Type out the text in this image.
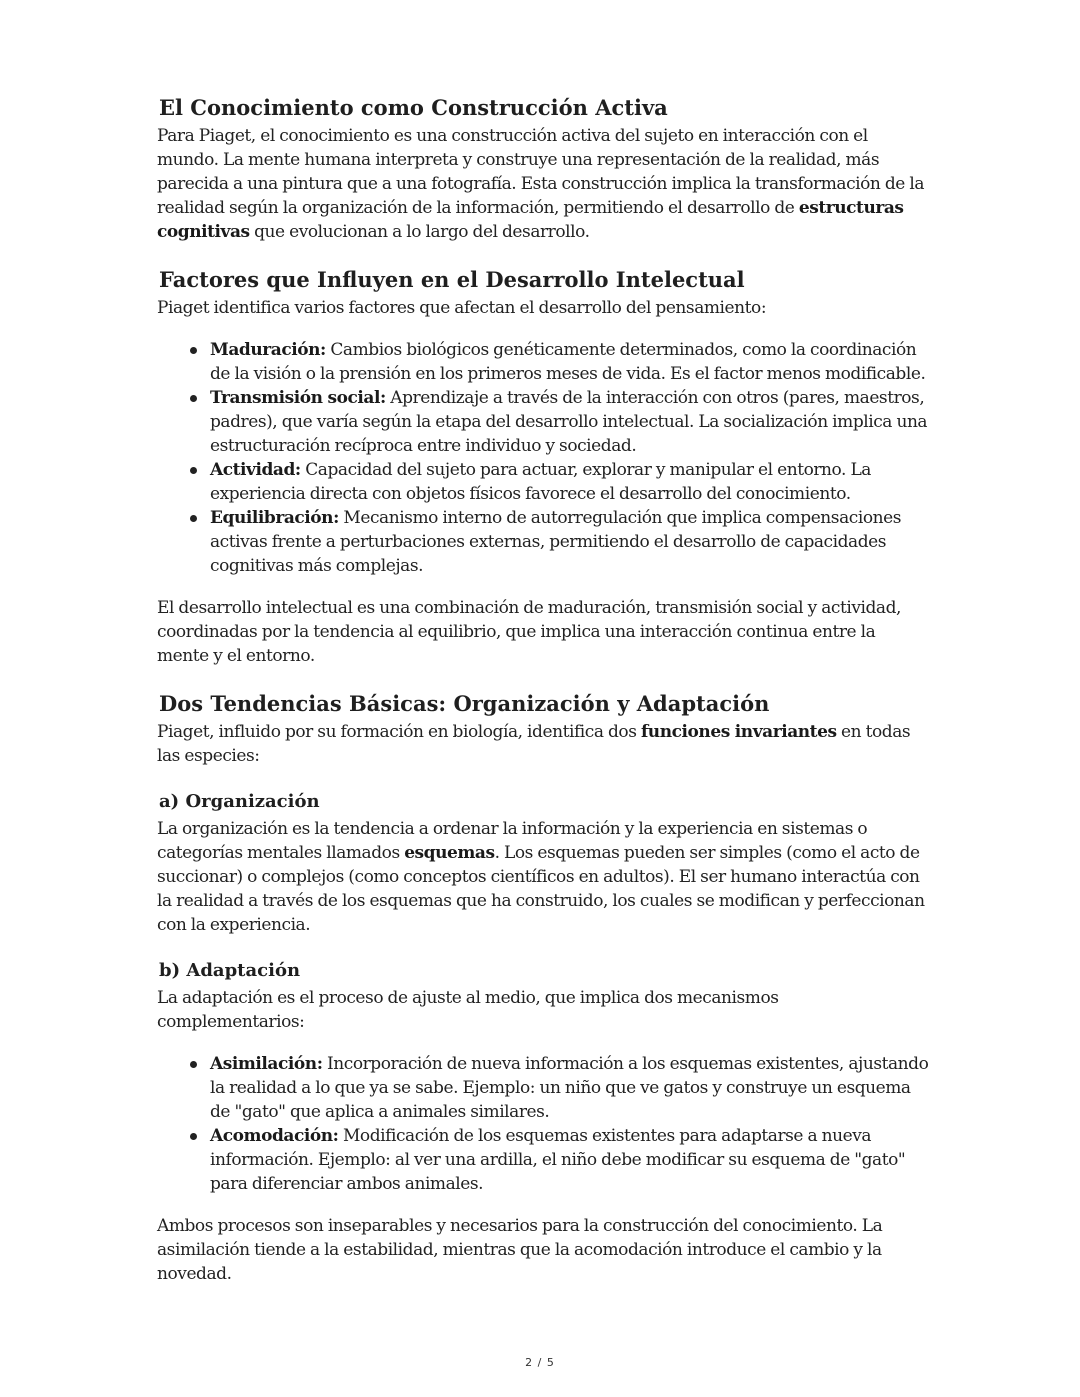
El Conocimiento como Construcción Activa

Para Piaget, el conocimiento es una construcción activa del sujeto en interacción con el mundo. La mente humana interpreta y construye una representación de la realidad, más parecida a una pintura que a una fotografía. Esta construcción implica la transformación de la realidad según la organización de la información, permitiendo el desarrollo de estructuras cognitivas que evolucionan a lo largo del desarrollo.

Factores que Influyen en el Desarrollo Intelectual

Piaget identifica varios factores que afectan el desarrollo del pensamiento:

Maduración: Cambios biológicos genéticamente determinados, como la coordinación de la visión o la prensión en los primeros meses de vida. Es el factor menos modificable.
Transmisión social: Aprendizaje a través de la interacción con otros (pares, maestros, padres), que varía según la etapa del desarrollo intelectual. La socialización implica una estructuración recíproca entre individuo y sociedad.
Actividad: Capacidad del sujeto para actuar, explorar y manipular el entorno. La experiencia directa con objetos físicos favorece el desarrollo del conocimiento.
Equilibración: Mecanismo interno de autorregulación que implica compensaciones activas frente a perturbaciones externas, permitiendo el desarrollo de capacidades cognitivas más complejas.

El desarrollo intelectual es una combinación de maduración, transmisión social y actividad, coordinadas por la tendencia al equilibrio, que implica una interacción continua entre la mente y el entorno.

Dos Tendencias Básicas: Organización y Adaptación

Piaget, influido por su formación en biología, identifica dos funciones invariantes en todas las especies:

a) Organización

La organización es la tendencia a ordenar la información y la experiencia en sistemas o categorías mentales llamados esquemas. Los esquemas pueden ser simples (como el acto de succionar) o complejos (como conceptos científicos en adultos). El ser humano interactúa con la realidad a través de los esquemas que ha construido, los cuales se modifican y perfeccionan con la experiencia.

b) Adaptación

La adaptación es el proceso de ajuste al medio, que implica dos mecanismos complementarios:

Asimilación: Incorporación de nueva información a los esquemas existentes, ajustando la realidad a lo que ya se sabe. Ejemplo: un niño que ve gatos y construye un esquema de "gato" que aplica a animales similares.
Acomodación: Modificación de los esquemas existentes para adaptarse a nueva información. Ejemplo: al ver una ardilla, el niño debe modificar su esquema de "gato" para diferenciar ambos animales.

Ambos procesos son inseparables y necesarios para la construcción del conocimiento. La asimilación tiende a la estabilidad, mientras que la acomodación introduce el cambio y la novedad.

2 / 5
